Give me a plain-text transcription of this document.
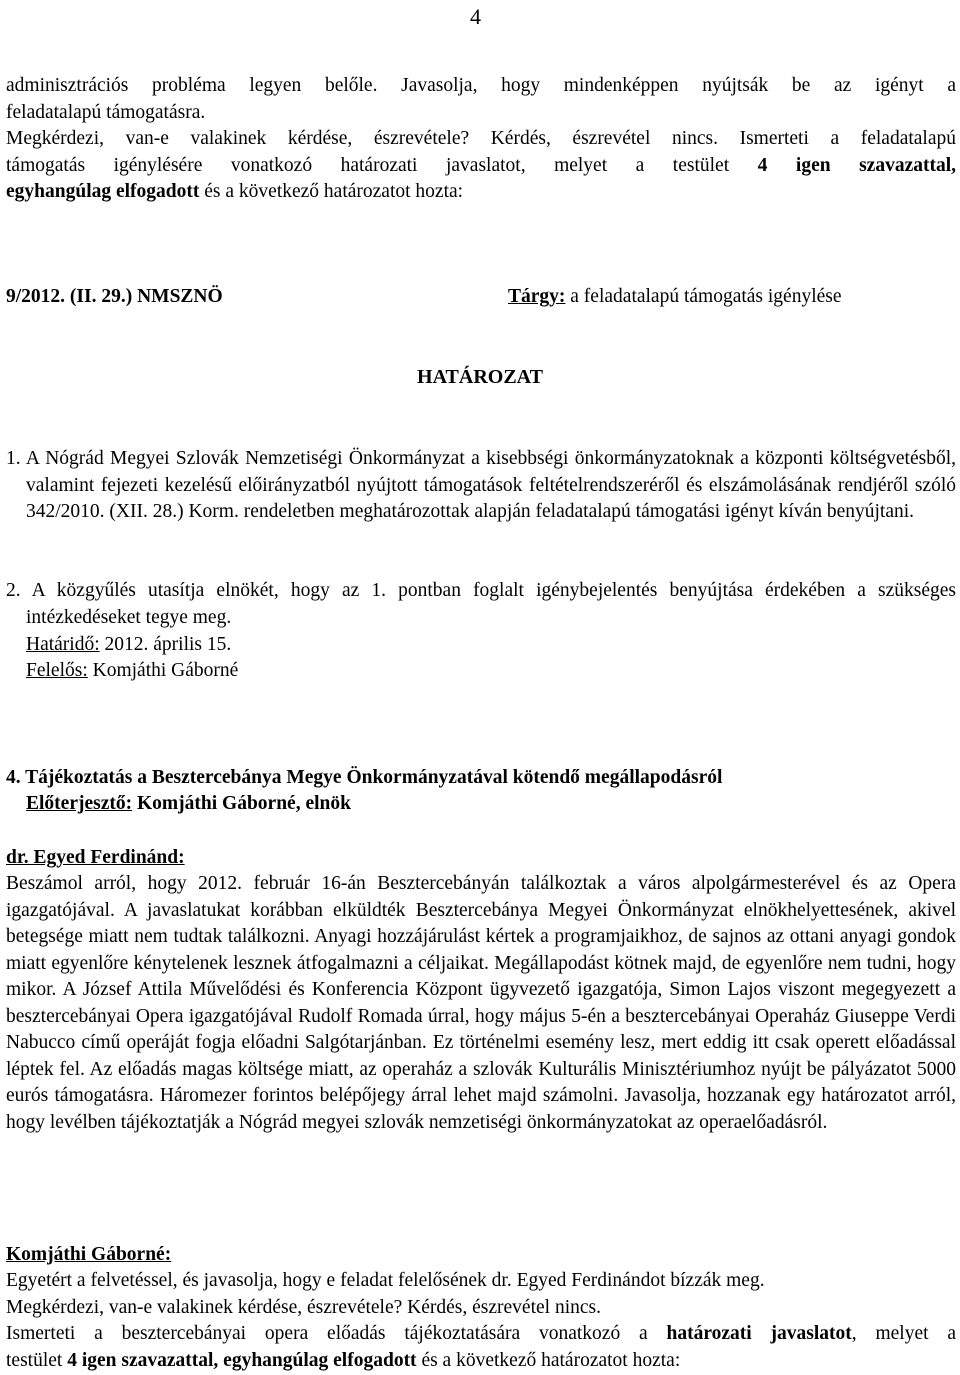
4

adminisztrációs probléma legyen belőle. Javasolja, hogy mindenképpen nyújtsák be az igényt a

feladatalapú támogatásra.

Megkérdezi, van-e valakinek kérdése, észrevétele? Kérdés, észrevétel nincs. Ismerteti a feladatalapú

támogatás igénylésére vonatkozó határozati javaslatot, melyet a testület 4 igen szavazattal,

egyhangúlag elfogadott és a következő határozatot hozta:

9/2012. (II. 29.) NMSZNÖ	Tárgy: a feladatalapú támogatás igénylése
HATÁROZAT
1. A Nógrád Megyei Szlovák Nemzetiségi Önkormányzat a kisebbségi önkormányzatoknak a központi költségvetésből, valamint fejezeti kezelésű előirányzatból nyújtott támogatások feltételrendszeréről és elszámolásának rendjéről szóló 342/2010. (XII. 28.) Korm. rendeletben meghatározottak alapján feladatalapú támogatási igényt kíván benyújtani.
2. A közgyűlés utasítja elnökét, hogy az 1. pontban foglalt igénybejelentés benyújtása érdekében a szükséges intézkedéseket tegye meg.
Határidő: 2012. április 15.
Felelős: Komjáthi Gáborné
4. Tájékoztatás a Besztercebánya Megye Önkormányzatával kötendő megállapodásról
Előterjesztő: Komjáthi Gáborné, elnök
dr. Egyed Ferdinánd:
Beszámol arról, hogy 2012. február 16-án Besztercebányán találkoztak a város alpolgármesterével és az Opera igazgatójával. A javaslatukat korábban elküldték Besztercebánya Megyei Önkormányzat elnökhelyettesének, akivel betegsége miatt nem tudtak találkozni. Anyagi hozzájárulást kértek a programjaikhoz, de sajnos az ottani anyagi gondok miatt egyenlőre kénytelenek lesznek átfogalmazni a céljaikat. Megállapodást kötnek majd, de egyenlőre nem tudni, hogy mikor. A József Attila Művelődési és Konferencia Központ ügyvezető igazgatója, Simon Lajos viszont megegyezett a besztercebányai Opera igazgatójával Rudolf Romada úrral, hogy május 5-én a besztercebányai Operaház Giuseppe Verdi Nabucco című operáját fogja előadni Salgótarjánban. Ez történelmi esemény lesz, mert eddig itt csak operett előadással léptek fel. Az előadás magas költsége miatt, az operaház a szlovák Kulturális Minisztériumhoz nyújt be pályázatot 5000 eurós támogatásra. Háromezer forintos belépőjegy árral lehet majd számolni. Javasolja, hozzanak egy határozatot arról, hogy levélben tájékoztatják a Nógrád megyei szlovák nemzetiségi önkormányzatokat az operaelőadásról.
Komjáthi Gáborné:

Egyetért a felvetéssel, és javasolja, hogy e feladat felelősének dr. Egyed Ferdinándot bízzák meg.

Megkérdezi, van-e valakinek kérdése, észrevétele? Kérdés, észrevétel nincs.

Ismerteti a besztercebányai opera előadás tájékoztatására vonatkozó a határozati javaslatot, melyet a

testület 4 igen szavazattal, egyhangúlag elfogadott és a következő határozatot hozta:
